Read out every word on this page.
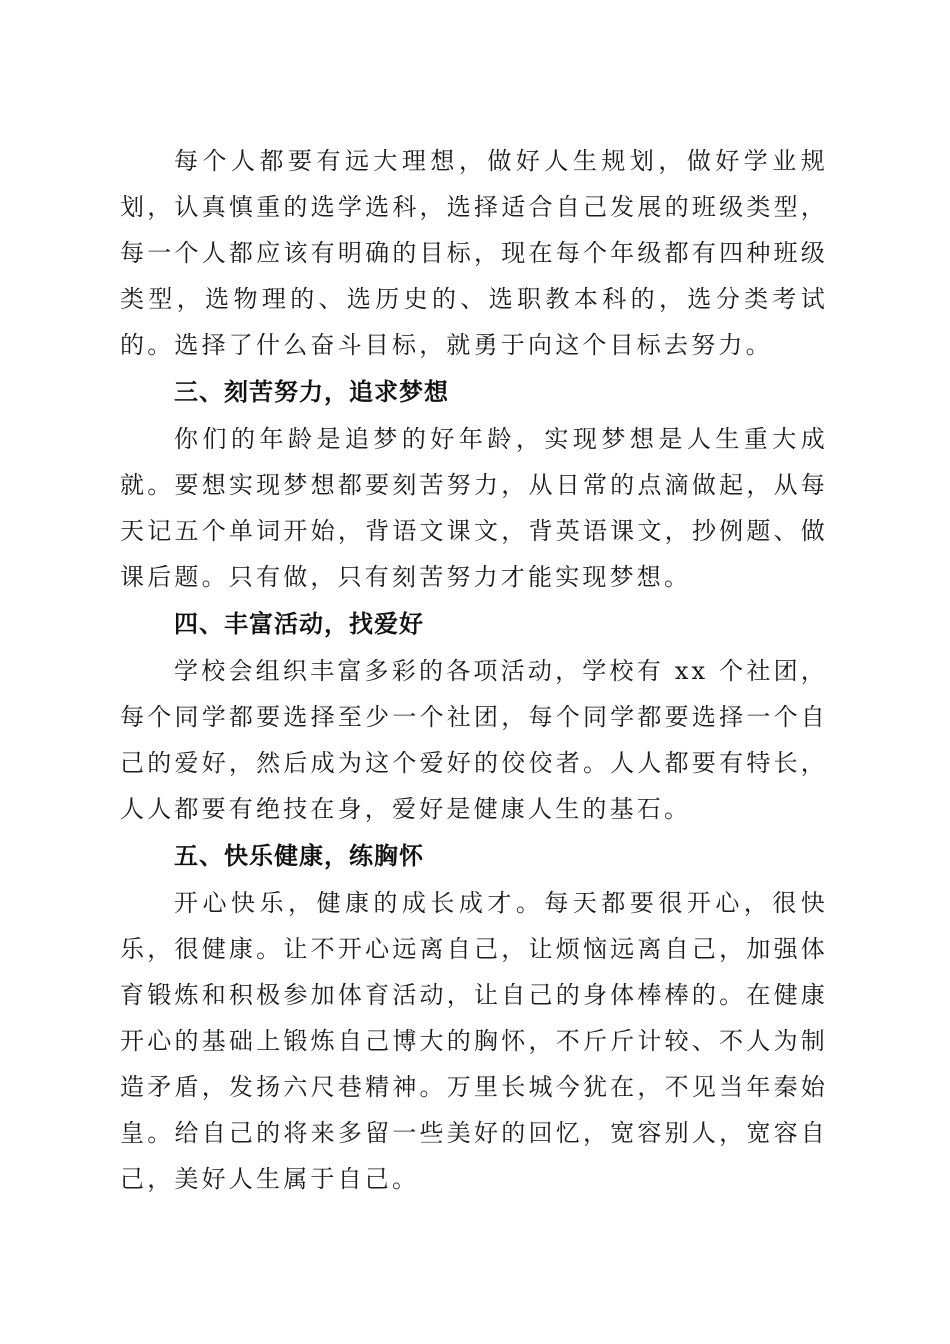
每个人都要有远大理想，做好人生规划，做好学业规划，认真慎重的选学选科，选择适合自己发展的班级类型，每一个人都应该有明确的目标，现在每个年级都有四种班级类型，选物理的、选历史的、选职教本科的，选分类考试的。选择了什么奋斗目标，就勇于向这个目标去努力。

三、刻苦努力，追求梦想

你们的年龄是追梦的好年龄，实现梦想是人生重大成就。要想实现梦想都要刻苦努力，从日常的点滴做起，从每天记五个单词开始，背语文课文，背英语课文，抄例题、做课后题。只有做，只有刻苦努力才能实现梦想。

四、丰富活动，找爱好

学校会组织丰富多彩的各项活动，学校有 xx 个社团，每个同学都要选择至少一个社团，每个同学都要选择一个自己的爱好，然后成为这个爱好的佼佼者。人人都要有特长，人人都要有绝技在身，爱好是健康人生的基石。

五、快乐健康，练胸怀

开心快乐，健康的成长成才。每天都要很开心，很快乐，很健康。让不开心远离自己，让烦恼远离自己，加强体育锻炼和积极参加体育活动，让自己的身体棒棒的。在健康开心的基础上锻炼自己博大的胸怀，不斤斤计较、不人为制造矛盾，发扬六尺巷精神。万里长城今犹在，不见当年秦始皇。给自己的将来多留一些美好的回忆，宽容别人，宽容自己，美好人生属于自己。
